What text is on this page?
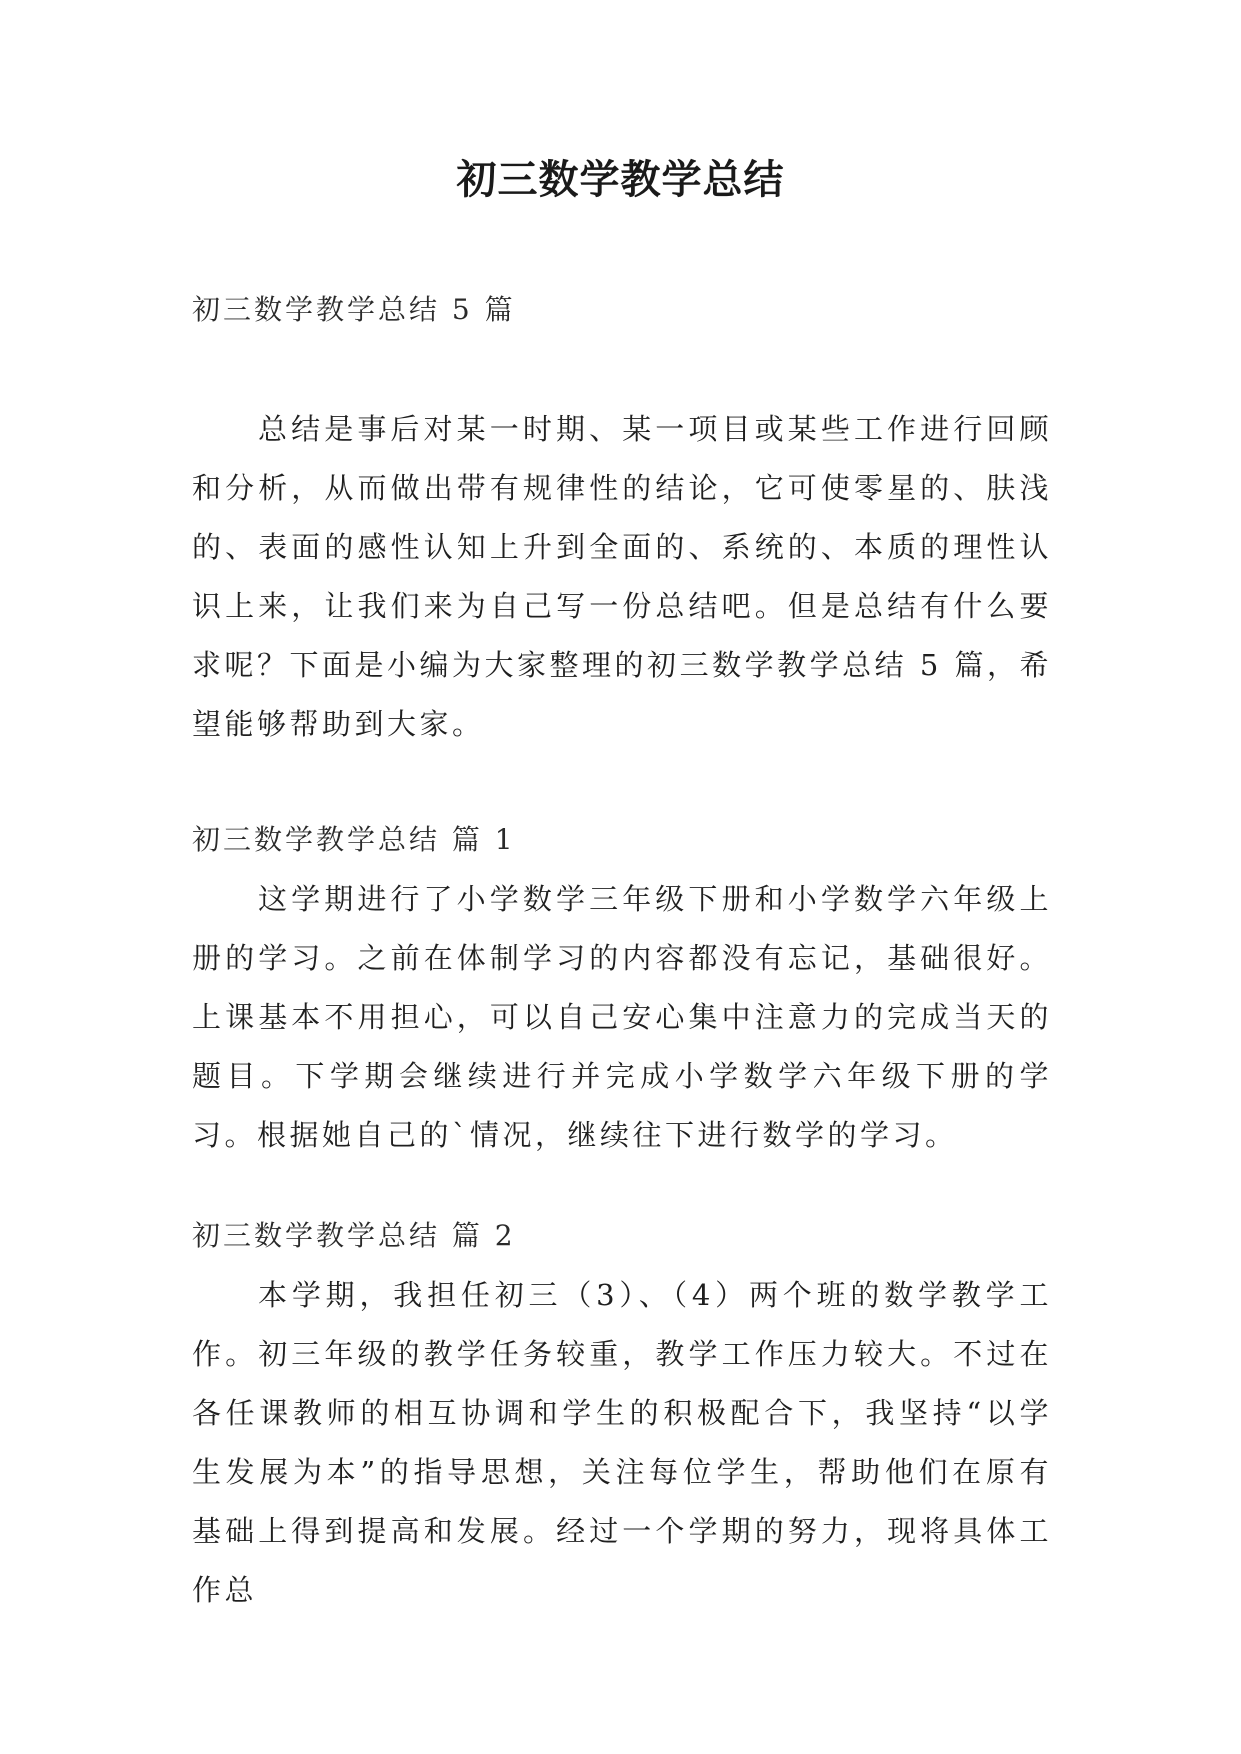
初三数学教学总结

初三数学教学总结 5 篇

总结是事后对某一时期、某一项目或某些工作进行回顾和分析，从而做出带有规律性的结论，它可使零星的、肤浅的、表面的感性认知上升到全面的、系统的、本质的理性认识上来，让我们来为自己写一份总结吧。但是总结有什么要求呢？下面是小编为大家整理的初三数学教学总结 5 篇，希望能够帮助到大家。

初三数学教学总结 篇 1

这学期进行了小学数学三年级下册和小学数学六年级上册的学习。之前在体制学习的内容都没有忘记，基础很好。上课基本不用担心，可以自己安心集中注意力的完成当天的题目。下学期会继续进行并完成小学数学六年级下册的学习。根据她自己的`情况，继续往下进行数学的学习。

初三数学教学总结 篇 2

本学期，我担任初三（3）、（4）两个班的数学教学工作。初三年级的教学任务较重，教学工作压力较大。不过在各任课教师的相互协调和学生的积极配合下，我坚持“以学生发展为本”的指导思想，关注每位学生，帮助他们在原有基础上得到提高和发展。经过一个学期的努力，现将具体工作总
